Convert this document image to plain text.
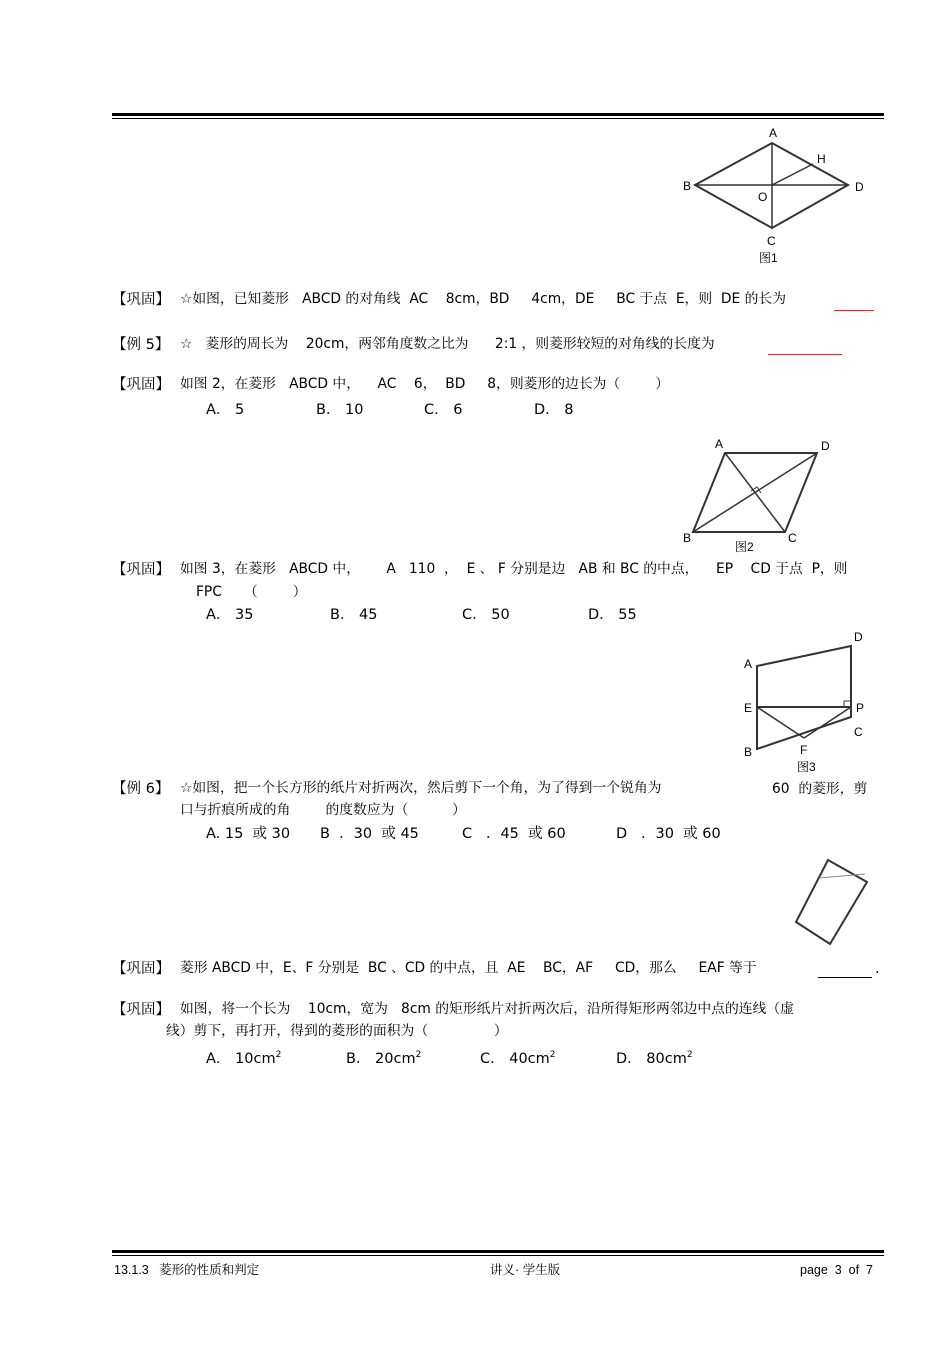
A
H
B	D
O
C
图1
【巩固】 ☆如图，已知菱形   ABCD 的对角线  AC    8cm，BD     4cm，DE     BC 于点  E，则  DE 的长为
【例 5】 ☆   菱形的周长为    20cm，两邻角度数之比为      2:1 ，则菱形较短的对角线的长度为
【巩固】 如图 2，在菱形   ABCD 中，    AC    6，  BD     8，则菱形的边长为（        ）
A． 5	B． 10	C． 6	D． 8
A	D
B	C
图2
【巩固】 如图 3，在菱形   ABCD 中，      A   110  ，  E 、 F 分别是边   AB 和 BC 的中点，    EP    CD 于点  P，则
FPC     （        ）
A． 35	B． 45	C． 50	D． 55
D
A
E	P
C
B	F
图3
【例 6】 ☆如图，把一个长方形的纸片对折两次，然后剪下一个角，为了得到一个锐角为	60  的菱形，剪
口与折痕所成的角        的度数应为（          ）
A. 15  或 30 B  ．30  或 45	C   ．45  或 60	D   ．30  或 60
【巩固】 菱形 ABCD 中，E、F 分别是  BC 、CD 的中点，且  AE    BC，AF     CD，那么     EAF 等于	.
【巩固】 如图，将一个长为    10cm，宽为   8cm 的矩形纸片对折两次后，沿所得矩形两邻边中点的连线（虚
线）剪下，再打开，得到的菱形的面积为（               ）
A． $10cm^2$	B． $20cm^2$	C． $40cm^2$	D． $80cm^2$
13.1.3   菱形的性质和判定	讲义· 学生版	page  3  of  7
